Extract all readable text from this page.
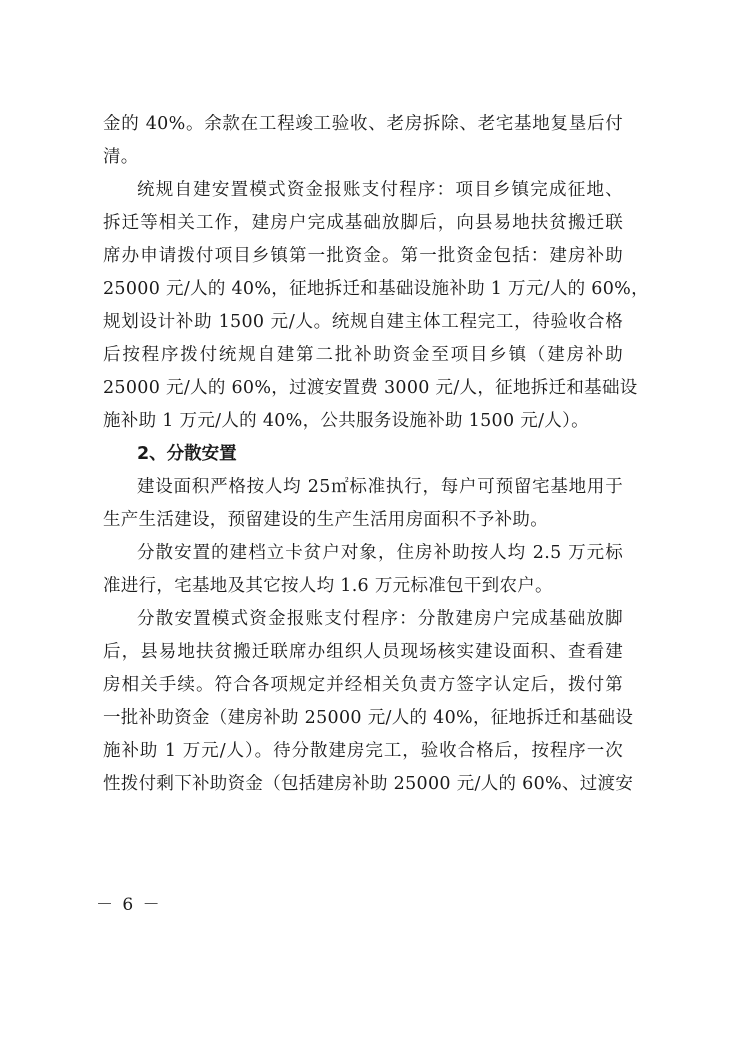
金的 40%。余款在工程竣工验收、老房拆除、老宅基地复垦后付
清。
统规自建安置模式资金报账支付程序：项目乡镇完成征地、
拆迁等相关工作，建房户完成基础放脚后，向县易地扶贫搬迁联
席办申请拨付项目乡镇第一批资金。第一批资金包括：建房补助
25000 元/人的 40%，征地拆迁和基础设施补助 1 万元/人的 60%，
规划设计补助 1500 元/人。统规自建主体工程完工，待验收合格
后按程序拨付统规自建第二批补助资金至项目乡镇（建房补助
25000 元/人的 60%，过渡安置费 3000 元/人，征地拆迁和基础设
施补助 1 万元/人的 40%，公共服务设施补助 1500 元/人）。
2、分散安置
建设面积严格按人均 25㎡标准执行，每户可预留宅基地用于
生产生活建设，预留建设的生产生活用房面积不予补助。
分散安置的建档立卡贫户对象，住房补助按人均 2.5 万元标
准进行，宅基地及其它按人均 1.6 万元标准包干到农户。
分散安置模式资金报账支付程序：分散建房户完成基础放脚
后，县易地扶贫搬迁联席办组织人员现场核实建设面积、查看建
房相关手续。符合各项规定并经相关负责方签字认定后，拨付第
一批补助资金（建房补助 25000 元/人的 40%，征地拆迁和基础设
施补助 1 万元/人）。待分散建房完工，验收合格后，按程序一次
性拨付剩下补助资金（包括建房补助 25000 元/人的 60%、过渡安
－ 6 －
